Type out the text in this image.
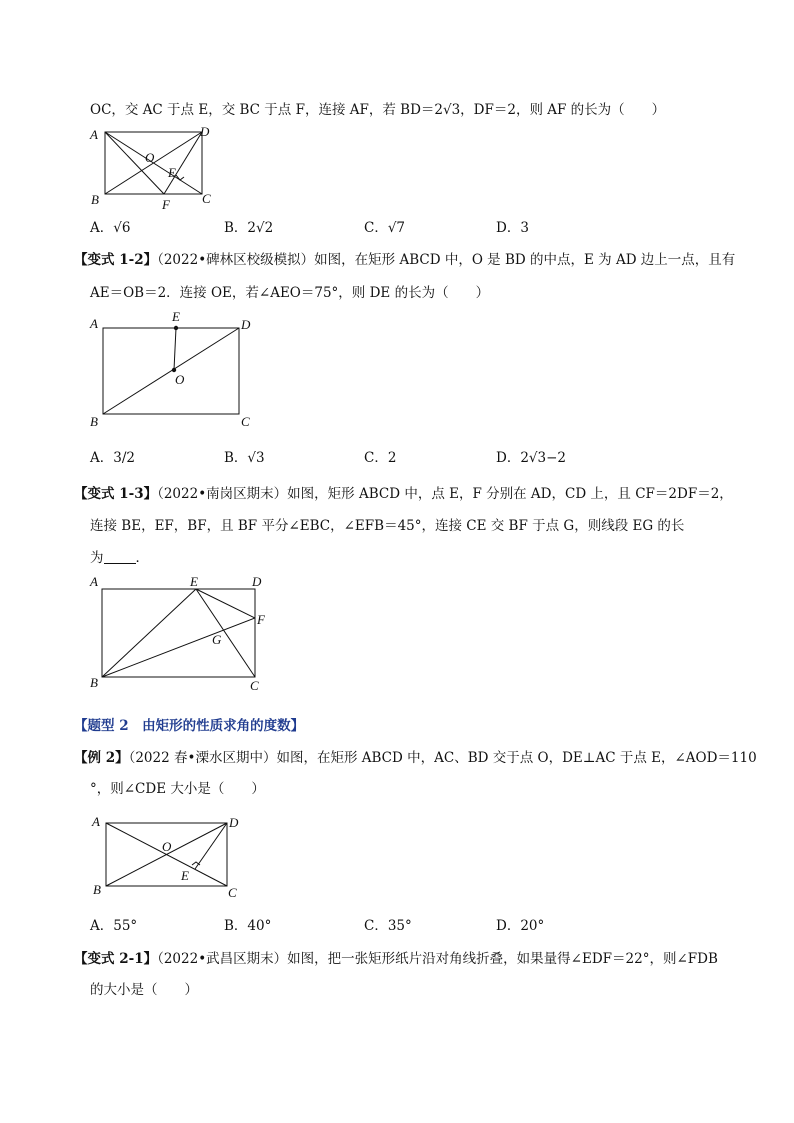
OC，交 AC 于点 E，交 BC 于点 F，连接 AF，若 BD＝2√3，DF＝2，则 AF 的长为（　　）
A	D
O
E
B	F C
A．√6	B．2√2	C．√7	D．3
【变式 1-2】（2022•碑林区校级模拟）如图，在矩形 ABCD 中，O 是 BD 的中点，E 为 AD 边上一点，且有
AE＝OB＝2．连接 OE，若∠AEO＝75°，则 DE 的长为（　　）
A	E
D
O
B	C
A．3/2	B．√3	C．2	D．2√3−2
【变式 1-3】（2022•南岗区期末）如图，矩形 ABCD 中，点 E，F 分别在 AD，CD 上，且 CF＝2DF＝2，
连接 BE，EF，BF，且 BF 平分∠EBC，∠EFB＝45°，连接 CE 交 BF 于点 G，则线段 EG 的长
为 ．
A	E	D
F
G
B	C
【题型 2　由矩形的性质求角的度数】
【例 2】（2022 春•溧水区期中）如图，在矩形 ABCD 中，AC、BD 交于点 O，DE⊥AC 于点 E，∠AOD＝110
°，则∠CDE 大小是（　　）
A	D
O
E
B	C
A．55°	B．40°	C．35°	D．20°
【变式 2-1】（2022•武昌区期末）如图，把一张矩形纸片沿对角线折叠，如果量得∠EDF＝22°，则∠FDB
的大小是（　　）
